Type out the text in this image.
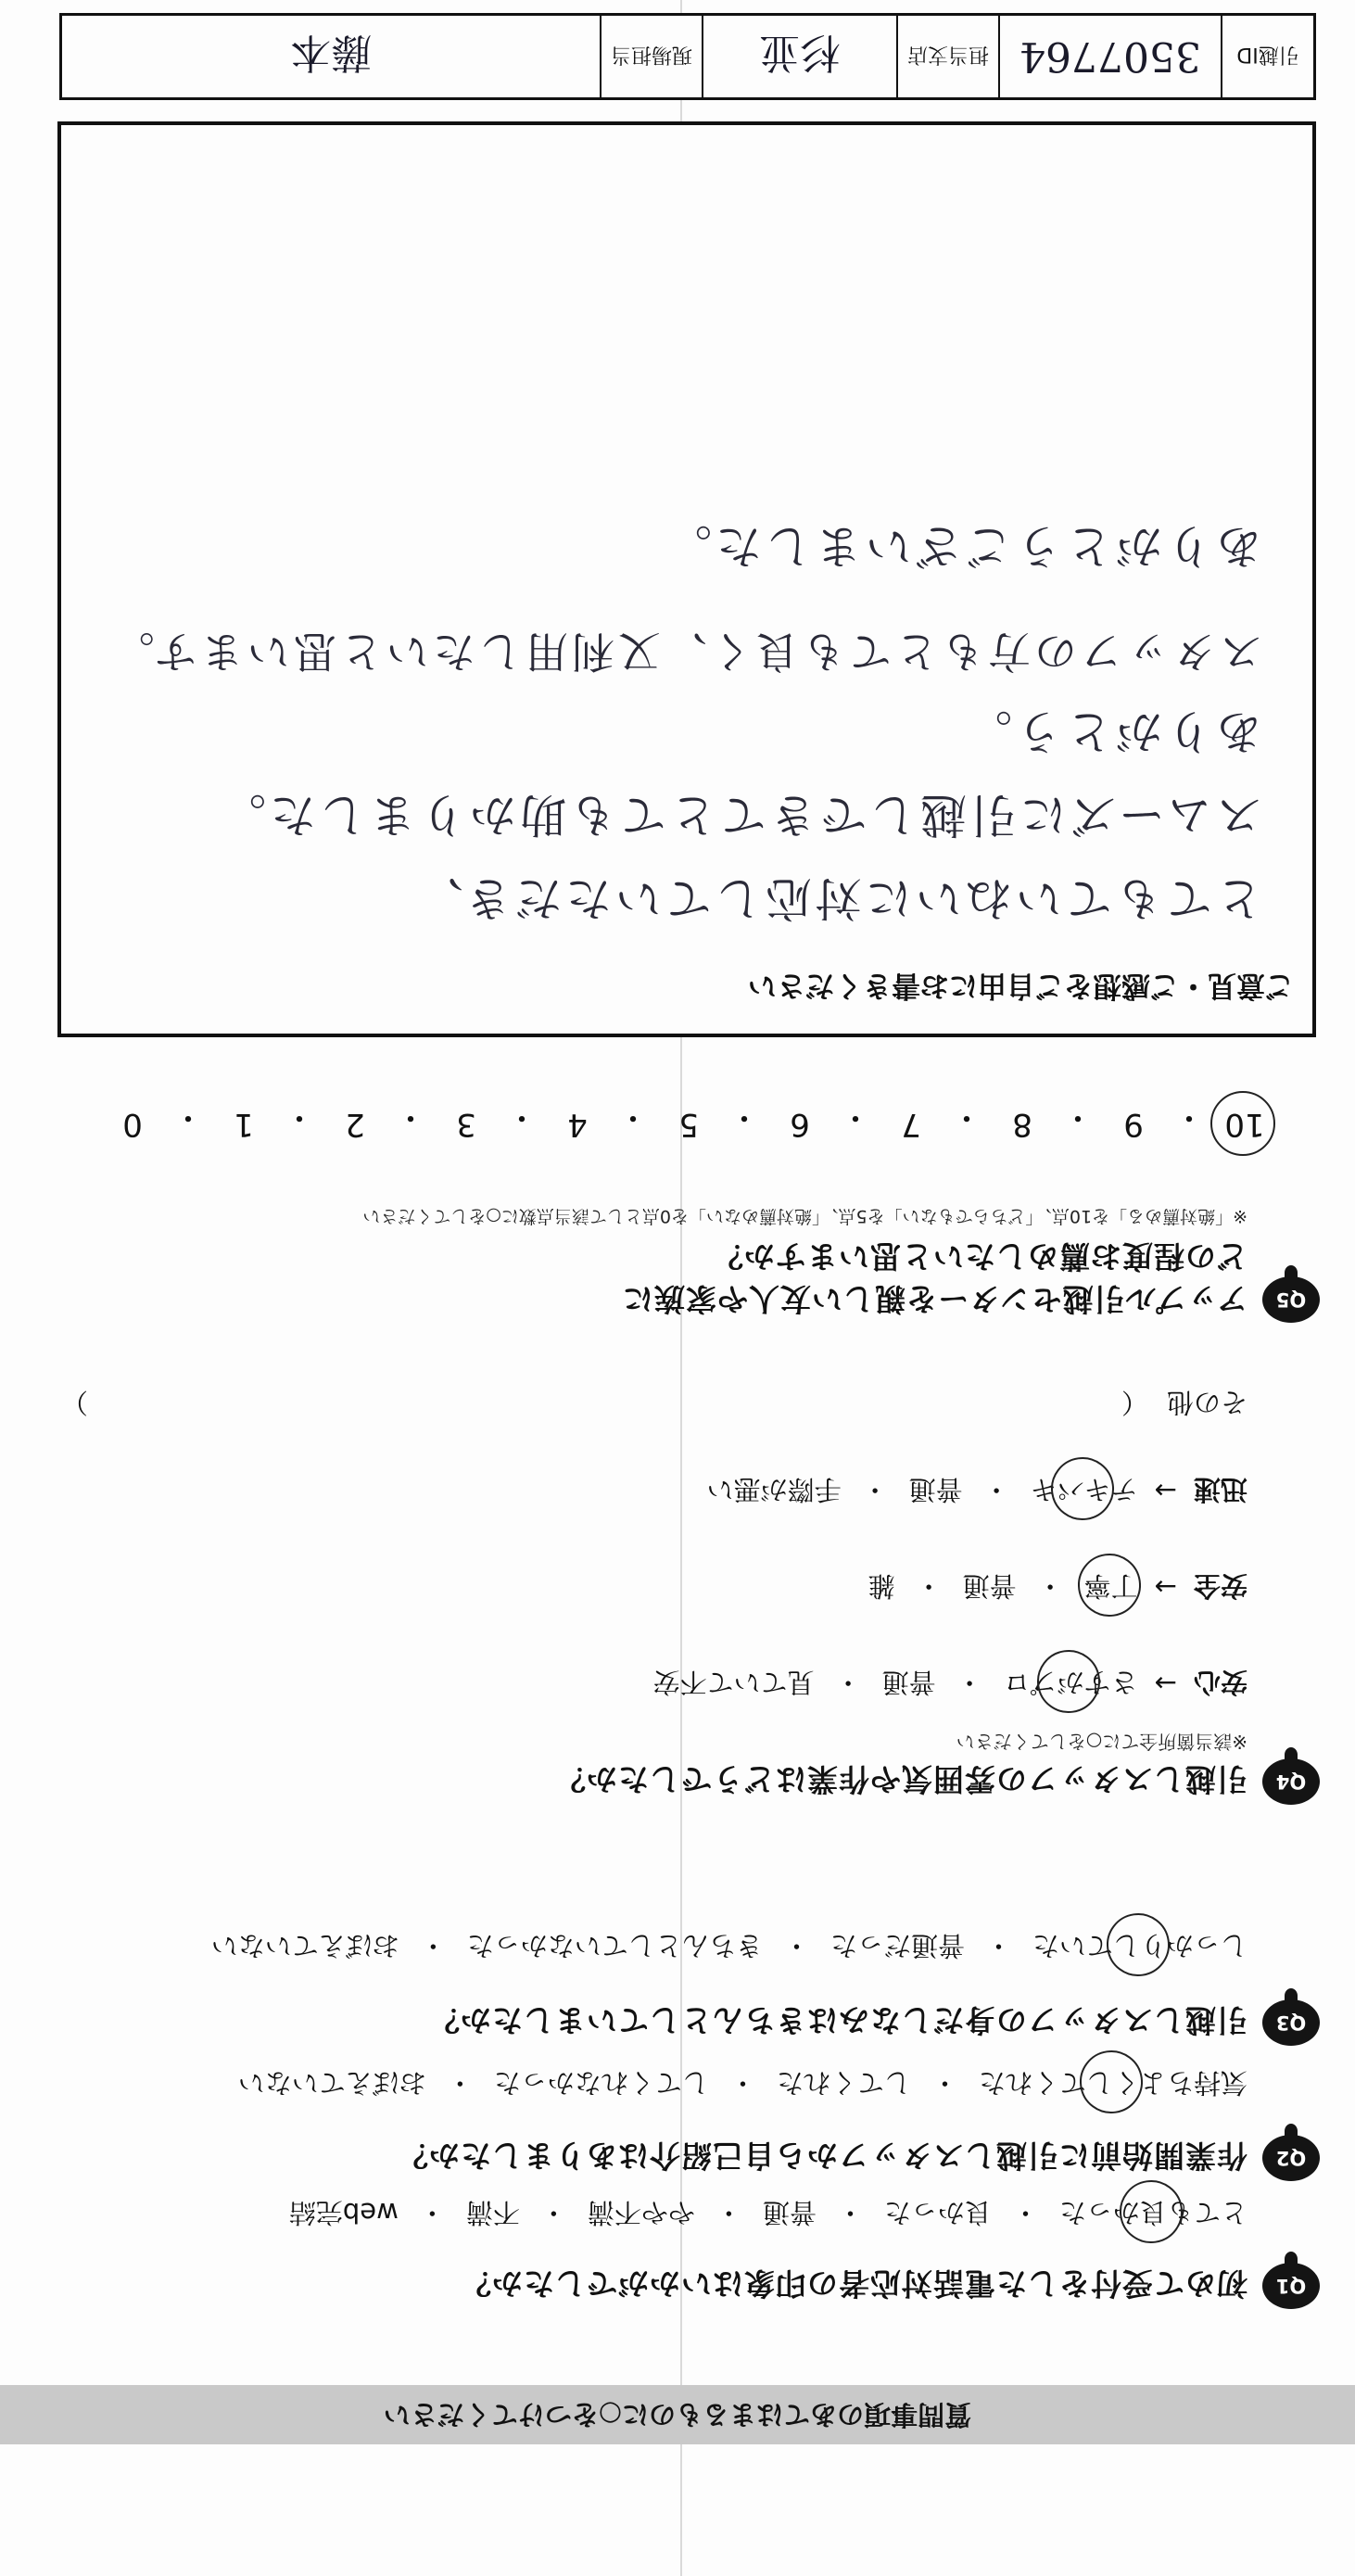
質問事項のあてはまるものに○をつけてください
Q1
初めて受付をした電話対応者の印象はいかがでしたか？
とても良かった
・
良かった
・
普通
・
やや不満
・
不満
・
web完結
Q2
作業開始前に引越しスタッフから自己紹介はありましたか？
気持ちよくしてくれた
・
してくれた
・
してくれなかった
・
おぼえていない
Q3
引越しスタッフの身だしなみはきちんとしていましたか？
しっかりしていた
・
普通だった
・
きちんとしていなかった
・
おぼえていない
Q4
引越しスタッフの雰囲気や作業はどうでしたか？
※該当箇所全てに○をしてください
安心
→
さすがプロ
・
普通
・
見ていて不安
安全
→
丁寧
・
普通
・
雑
迅速
→
テキパキ
・
普通
・
手際が悪い
その他
（
）
Q5
アップル引越センターを親しい友人や家族に
どの程度お薦めしたいと思いますか？
※「絶対薦める」を10点、「どちらでもない」を5点、「絶対薦めない」を0点として該当点数に○をしてください
10
・
9
・
8
・
7
・
6
・
5
・
4
・
3
・
2
・
1
・
0
ご意見・ご感想をご自由にお書きください
とてもていねいに対応していただき、
スムーズに引越しできてとても助かりました。
ありがとう。
スタッフの方もとても良く、又利用したいと思います。
ありがとうございました。
引越ID
3507764
担当支店
杉並
現場担当
藤本
